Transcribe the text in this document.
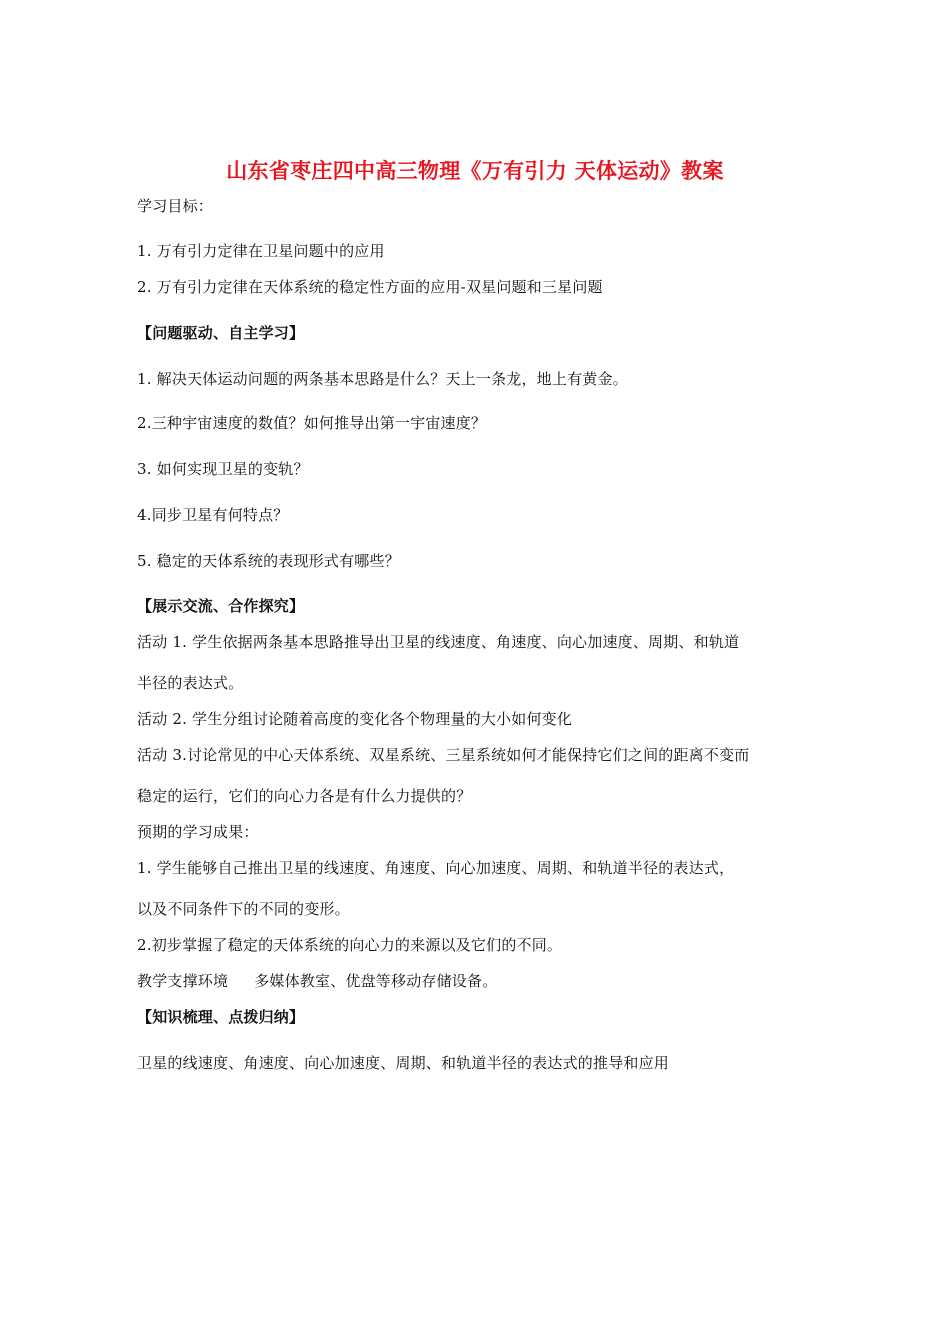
山东省枣庄四中高三物理《万有引力 天体运动》教案
学习目标：
1. 万有引力定律在卫星问题中的应用
2. 万有引力定律在天体系统的稳定性方面的应用-双星问题和三星问题
【问题驱动、自主学习】
1. 解决天体运动问题的两条基本思路是什么？天上一条龙，地上有黄金。
2.三种宇宙速度的数值？如何推导出第一宇宙速度？
3. 如何实现卫星的变轨？
4.同步卫星有何特点？
5. 稳定的天体系统的表现形式有哪些？
【展示交流、合作探究】
活动 1. 学生依据两条基本思路推导出卫星的线速度、角速度、向心加速度、周期、和轨道
半径的表达式。
活动 2. 学生分组讨论随着高度的变化各个物理量的大小如何变化
活动 3.讨论常见的中心天体系统、双星系统、三星系统如何才能保持它们之间的距离不变而
稳定的运行，它们的向心力各是有什么力提供的？
预期的学习成果：
1. 学生能够自己推出卫星的线速度、角速度、向心加速度、周期、和轨道半径的表达式，
以及不同条件下的不同的变形。
2.初步掌握了稳定的天体系统的向心力的来源以及它们的不同。
教学支撑环境 多媒体教室、优盘等移动存储设备。
【知识梳理、点拨归纳】
卫星的线速度、角速度、向心加速度、周期、和轨道半径的表达式的推导和应用
